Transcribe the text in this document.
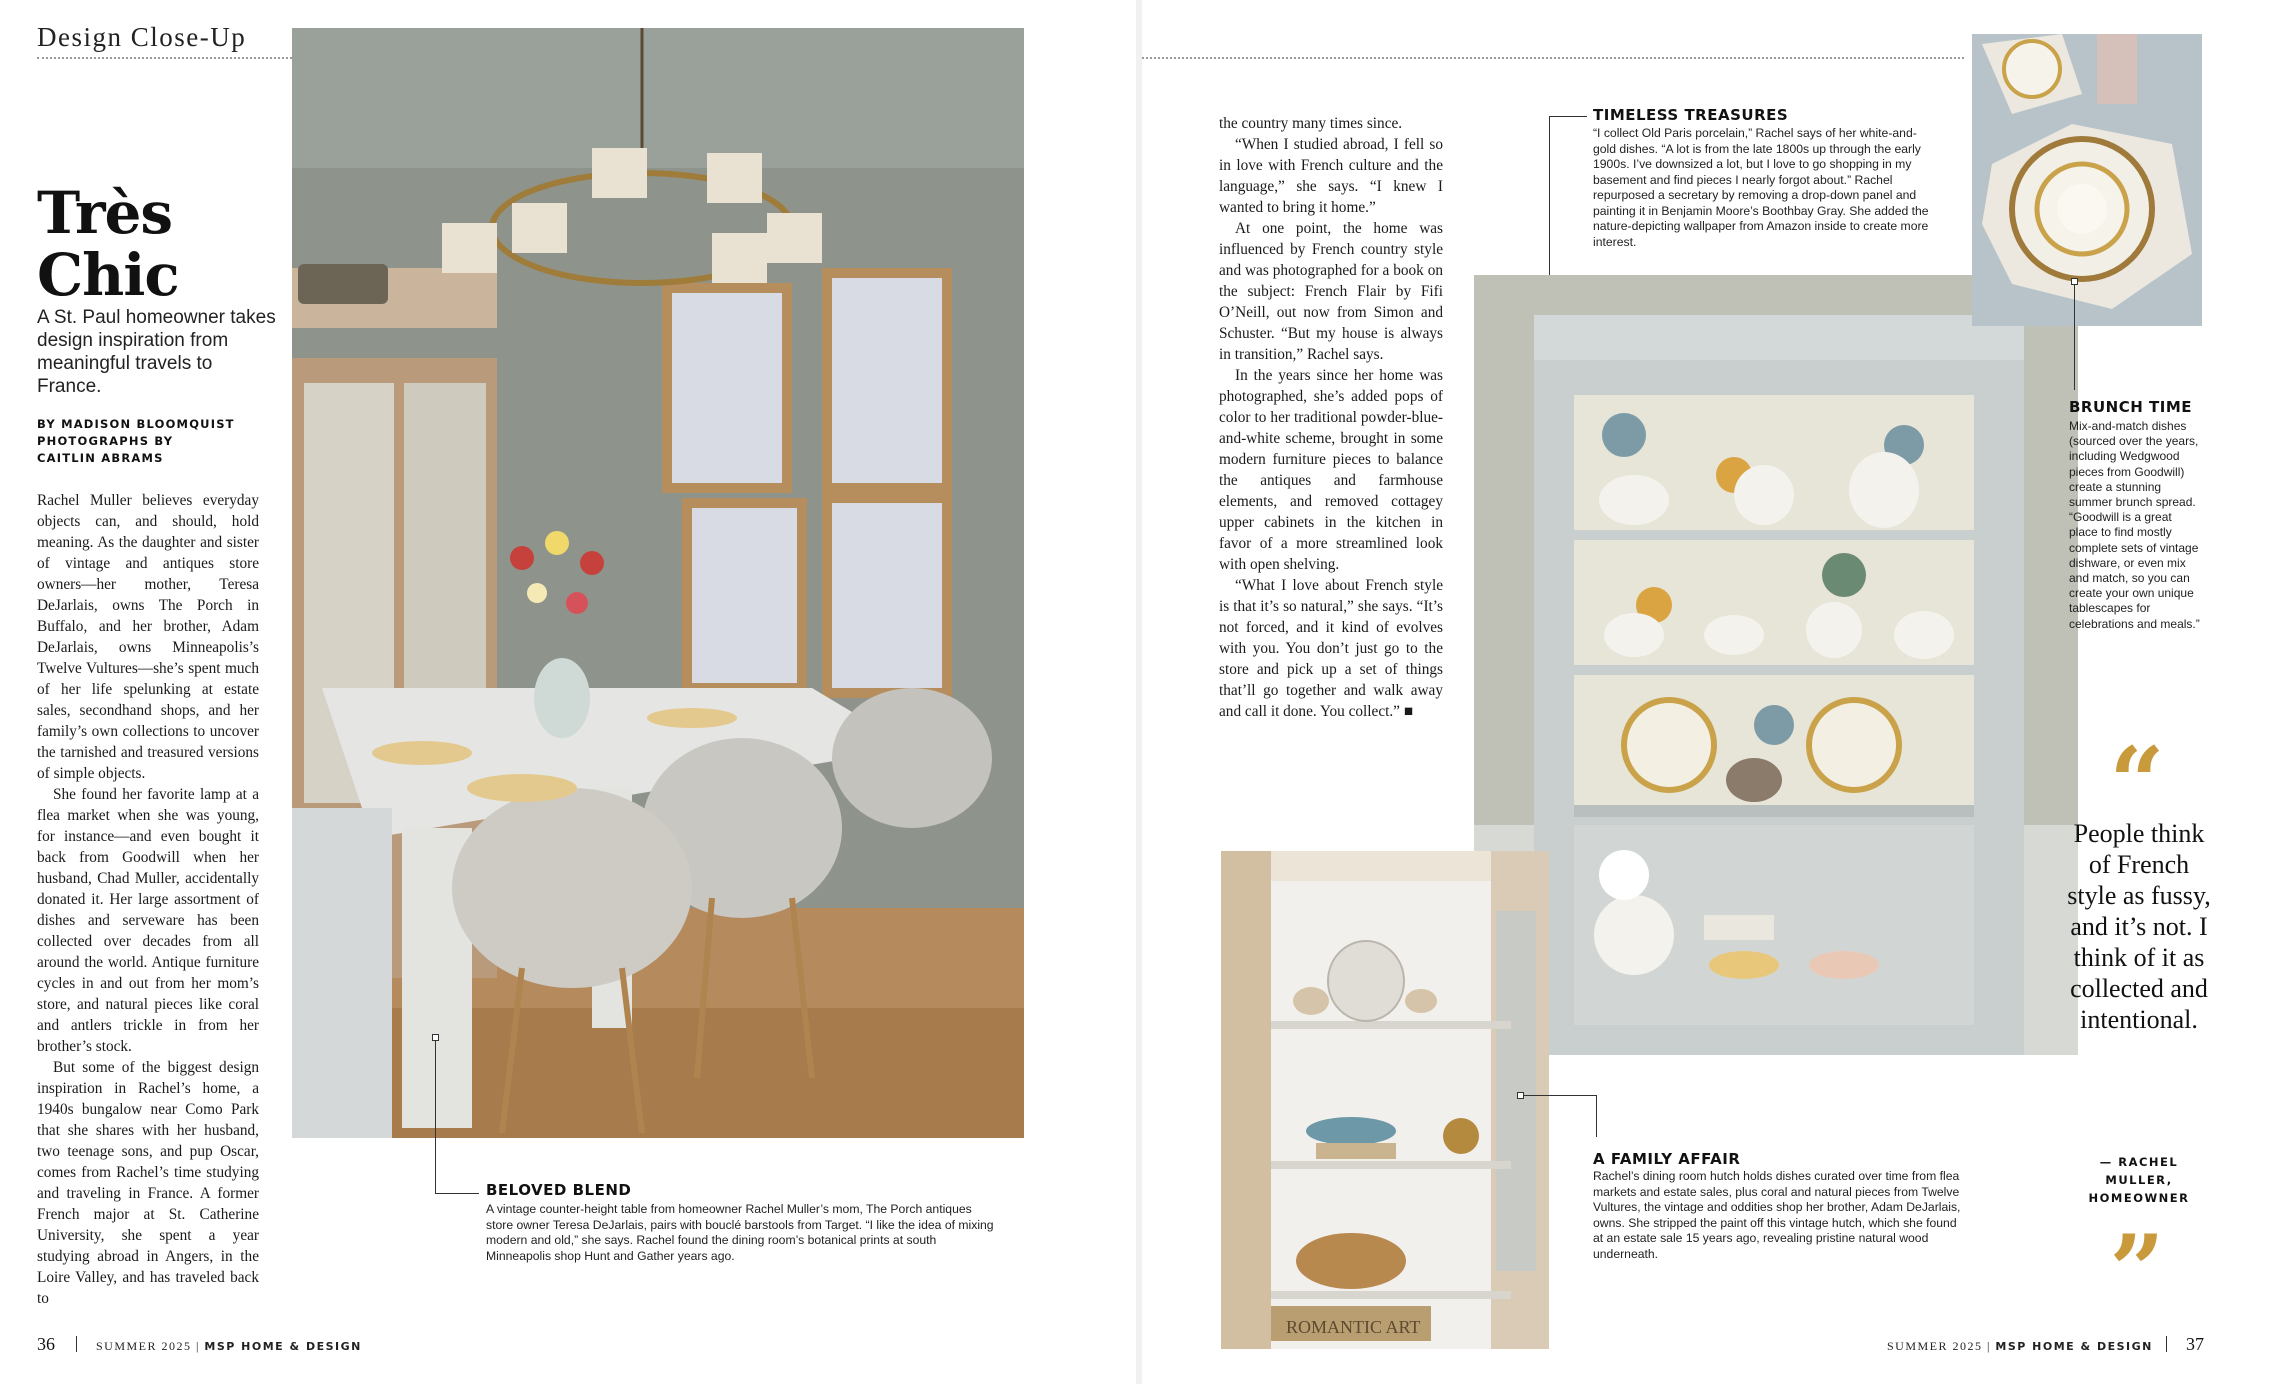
Design Close-Up
Très
Chic
A St. Paul homeowner takes design inspiration from meaningful travels to France.
BY MADISON BLOOMQUIST
PHOTOGRAPHS BY
CAITLIN ABRAMS

Rachel Muller believes everyday objects can, and should, hold meaning. As the daughter and sister of vintage and antiques store owners—her mother, Teresa DeJarlais, owns The Porch in Buffalo, and her brother, Adam DeJarlais, owns Minneapolis’s Twelve Vultures—she’s spent much of her life spelunking at estate sales, secondhand shops, and her family’s own collections to uncover the tarnished and treasured versions of simple objects.

She found her favorite lamp at a flea market when she was young, for instance—and even bought it back from Goodwill when her husband, Chad Muller, accidentally donated it. Her large assortment of dishes and serveware has been collected over decades from all around the world. Antique furniture cycles in and out from her mom’s store, and natural pieces like coral and antlers trickle in from her brother’s stock.

But some of the biggest design inspiration in Rachel’s home, a 1940s bungalow near Como Park that she shares with her husband, two teenage sons, and pup Oscar, comes from Rachel’s time studying and traveling in France. A former French major at St. Catherine University, she spent a year studying abroad in Angers, in the Loire Valley, and has traveled back to

BELOVED BLEND
A vintage counter-height table from homeowner Rachel Muller’s mom, The Porch antiques store owner Teresa DeJarlais, pairs with bouclé barstools from Target. “I like the idea of mixing modern and old,” she says. Rachel found the dining room’s botanical prints at south Minneapolis shop Hunt and Gather years ago.
36	SUMMER 2025 | MSP HOME & DESIGN

the country many times since.

“When I studied abroad, I fell so in love with French culture and the language,” she says. “I knew I wanted to bring it home.”

At one point, the home was influenced by French country style and was photographed for a book on the subject: French Flair by Fifi O’Neill, out now from Simon and Schuster. “But my house is always in transition,” Rachel says.

In the years since her home was photographed, she’s added pops of color to her traditional powder-blue-and-white scheme, brought in some modern furniture pieces to balance the antiques and farmhouse elements, and removed cottagey upper cabinets in the kitchen in favor of a more streamlined look with open shelving.

“What I love about French style is that it’s so natural,” she says. “It’s not forced, and it kind of evolves with you. You don’t just go to the store and pick up a set of things that’ll go together and walk away and call it done. You collect.” ■

TIMELESS TREASURES
“I collect Old Paris porcelain,” Rachel says of her white-and-gold dishes. “A lot is from the late 1800s up through the early 1900s. I’ve downsized a lot, but I love to go shopping in my basement and find pieces I nearly forgot about.” Rachel repurposed a secretary by removing a drop-down panel and painting it in Benjamin Moore’s Boothbay Gray. She added the nature-depicting wallpaper from Amazon inside to create more interest.
BRUNCH TIME
Mix-and-match dishes (sourced over the years, including Wedgwood pieces from Goodwill) create a stunning summer brunch spread. “Goodwill is a great place to find mostly complete sets of vintage dishware, or even mix and match, so you can create your own unique tablescapes for celebrations and meals.”
“
People think of French style as fussy, and it’s not. I think of it as collected and intentional.
— RACHEL
MULLER,
HOMEOWNER
”
ROMANTIC ART
A FAMILY AFFAIR
Rachel’s dining room hutch holds dishes curated over time from flea markets and estate sales, plus coral and natural pieces from Twelve Vultures, the vintage and oddities shop her brother, Adam DeJarlais, owns. She stripped the paint off this vintage hutch, which she found at an estate sale 15 years ago, revealing pristine natural wood underneath.
SUMMER 2025 | MSP HOME & DESIGN 37
